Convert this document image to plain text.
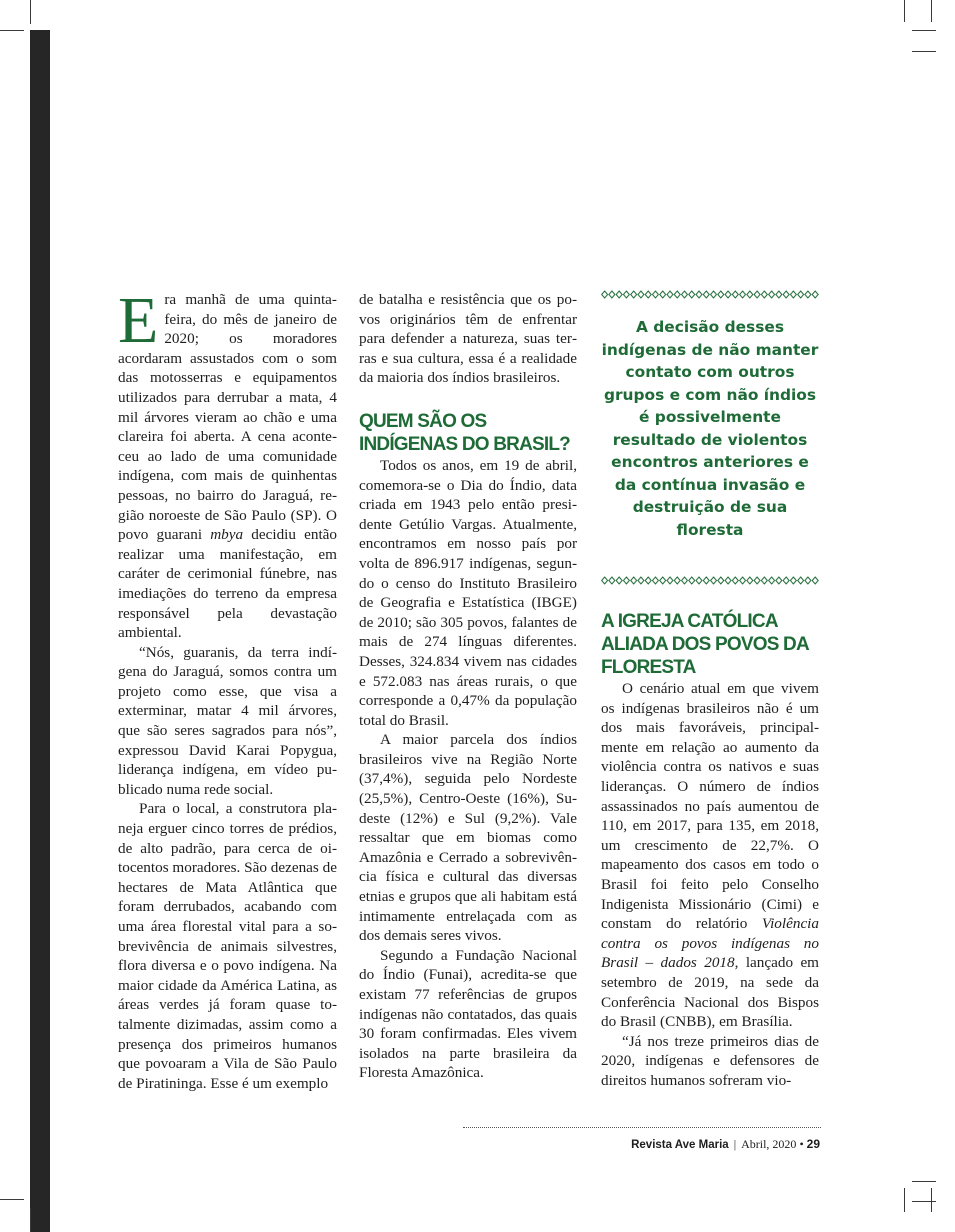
Era manhã de uma quinta-feira, do mês de janeiro de 2020; os moradores acordaram assustados com o som das motosserras e equipamentos utilizados para derrubar a mata, 4 mil árvores vieram ao chão e uma clareira foi aberta. A cena aconteceu ao lado de uma comunidade indígena, com mais de quinhentas pessoas, no bairro do Jaraguá, região noroeste de São Paulo (SP). O povo guarani mbya decidiu então realizar uma manifestação, em caráter de cerimonial fúnebre, nas imediações do terreno da empresa responsável pela devastação ambiental.

“Nós, guaranis, da terra indígena do Jaraguá, somos contra um projeto como esse, que visa a exterminar, matar 4 mil árvores, que são seres sagrados para nós”, expressou David Karai Popygua, liderança indígena, em vídeo publicado numa rede social.

Para o local, a construtora planeja erguer cinco torres de prédios, de alto padrão, para cerca de oitocentos moradores. São dezenas de hectares de Mata Atlântica que foram derrubados, acabando com uma área florestal vital para a sobrevivência de animais silvestres, flora diversa e o povo indígena. Na maior cidade da América Latina, as áreas verdes já foram quase totalmente dizimadas, assim como a presença dos primeiros humanos que povoaram a Vila de São Paulo de Piratininga. Esse é um exemplo

de batalha e resistência que os povos originários têm de enfrentar para defender a natureza, suas terras e sua cultura, essa é a realidade da maioria dos índios brasileiros.

QUEM SÃO OS INDÍGENAS DO BRASIL?

Todos os anos, em 19 de abril, comemora-se o Dia do Índio, data criada em 1943 pelo então presidente Getúlio Vargas. Atualmente, encontramos em nosso país por volta de 896.917 indígenas, segundo o censo do Instituto Brasileiro de Geografia e Estatística (IBGE) de 2010; são 305 povos, falantes de mais de 274 línguas diferentes. Desses, 324.834 vivem nas cidades e 572.083 nas áreas rurais, o que corresponde a 0,47% da população total do Brasil.

A maior parcela dos índios brasileiros vive na Região Norte (37,4%), seguida pelo Nordeste (25,5%), Centro-Oeste (16%), Sudeste (12%) e Sul (9,2%). Vale ressaltar que em biomas como Amazônia e Cerrado a sobrevivência física e cultural das diversas etnias e grupos que ali habitam está intimamente entrelaçada com as dos demais seres vivos.

Segundo a Fundação Nacional do Índio (Funai), acredita-se que existam 77 referências de grupos indígenas não contatados, das quais 30 foram confirmadas. Eles vivem isolados na parte brasileira da Floresta Amazônica.

A decisão desses indígenas de não manter contato com outros grupos e com não índios é possivelmente resultado de violentos encontros anteriores e da contínua invasão e destruição de sua floresta
A IGREJA CATÓLICA ALIADA DOS POVOS DA FLORESTA

O cenário atual em que vivem os indígenas brasileiros não é um dos mais favoráveis, principalmente em relação ao aumento da violência contra os nativos e suas lideranças. O número de índios assassinados no país aumentou de 110, em 2017, para 135, em 2018, um crescimento de 22,7%. O mapeamento dos casos em todo o Brasil foi feito pelo Conselho Indigenista Missionário (Cimi) e constam do relatório Violência contra os povos indígenas no Brasil – dados 2018, lançado em setembro de 2019, na sede da Conferência Nacional dos Bispos do Brasil (CNBB), em Brasília.

“Já nos treze primeiros dias de 2020, indígenas e defensores de direitos humanos sofreram vio-

Revista Ave Maria | Abril, 2020 • 29
